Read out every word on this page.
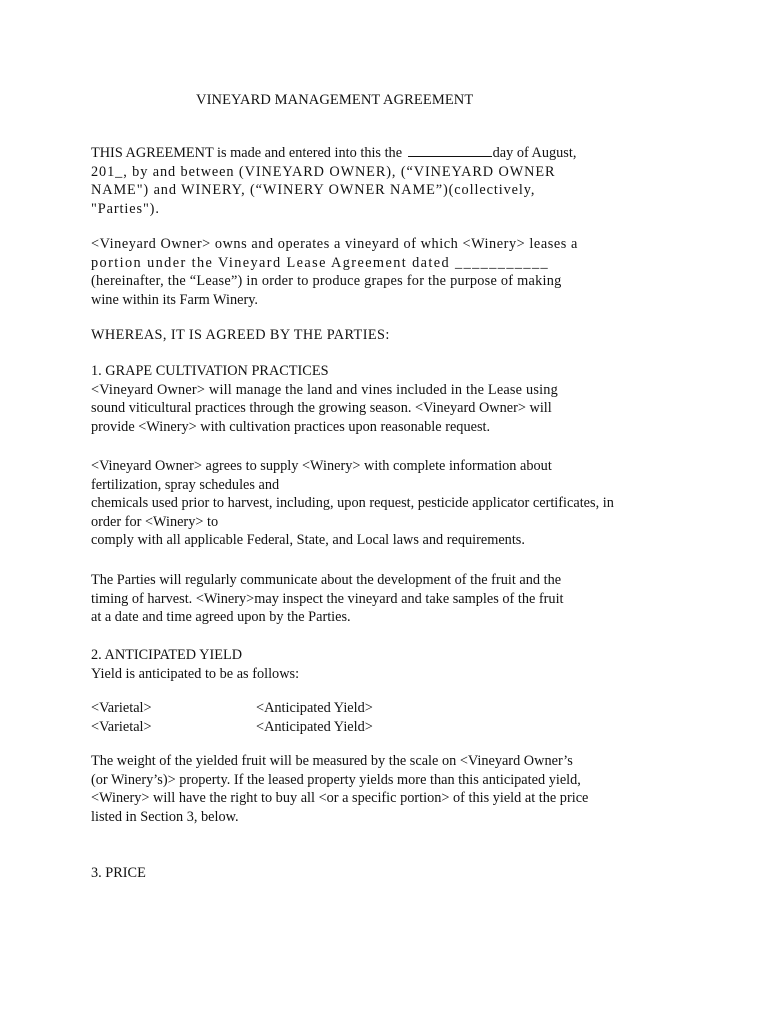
VINEYARD MANAGEMENT AGREEMENT
THIS AGREEMENT is made and entered into this the	day of August,
201_, by and between (VINEYARD OWNER), (“VINEYARD OWNER
NAME") and WINERY, (“WINERY OWNER NAME”)(collectively,
"Parties").
<Vineyard Owner> owns and operates a vineyard of which <Winery> leases a
portion under the Vineyard Lease Agreement dated ___________
(hereinafter, the “Lease”) in order to produce grapes for the purpose of making
wine within its Farm Winery.
WHEREAS, IT IS AGREED BY THE PARTIES:
1. GRAPE CULTIVATION PRACTICES
<Vineyard Owner> will manage the land and vines included in the Lease using
sound viticultural practices through the growing season. <Vineyard Owner> will
provide <Winery> with cultivation practices upon reasonable request.
<Vineyard Owner> agrees to supply <Winery> with complete information about
fertilization, spray schedules and
chemicals used prior to harvest, including, upon request, pesticide applicator certificates, in
order for <Winery> to
comply with all applicable Federal, State, and Local laws and requirements.
The Parties will regularly communicate about the development of the fruit and the
timing of harvest. <Winery>may inspect the vineyard and take samples of the fruit
at a date and time agreed upon by the Parties.
2. ANTICIPATED YIELD
Yield is anticipated to be as follows:
<Varietal>	<Anticipated Yield>
<Varietal>	<Anticipated Yield>
The weight of the yielded fruit will be measured by the scale on <Vineyard Owner’s
(or Winery’s)> property. If the leased property yields more than this anticipated yield,
<Winery> will have the right to buy all <or a specific portion> of this yield at the price
listed in Section 3, below.
3. PRICE
